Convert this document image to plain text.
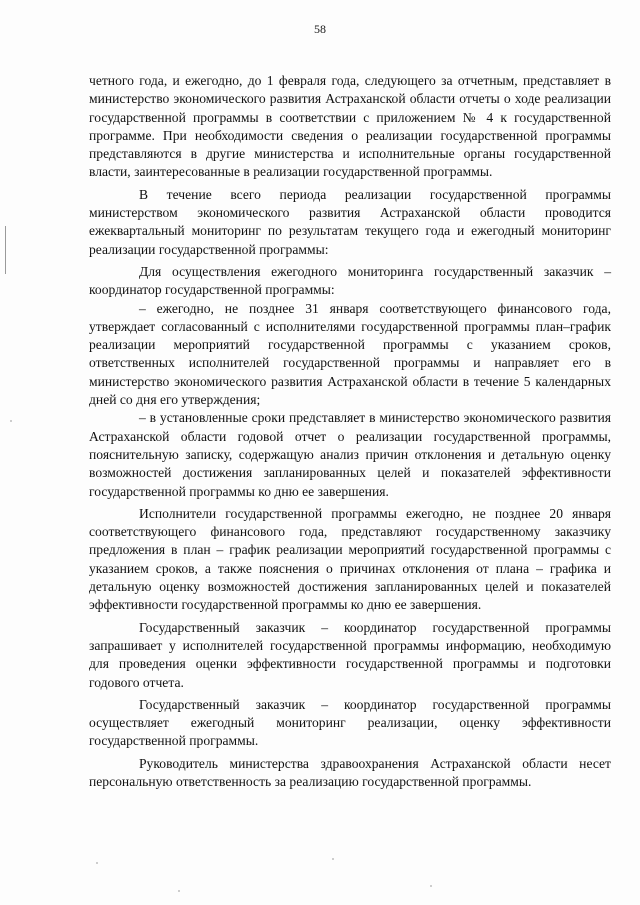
58

четного года, и ежегодно, до 1 февраля года, следующего за отчетным, представляет в министерство экономического развития Астраханской области отчеты о ходе реализации государственной программы в соответствии с приложением № 4 к государственной программе. При необходимости сведения о реализации государственной программы представляются в другие министерства и исполнительные органы государственной власти, заинтересованные в реализации государственной программы.

В течение всего периода реализации государственной программы министерством экономического развития Астраханской области проводится ежеквартальный мониторинг по результатам текущего года и ежегодный мониторинг реализации государственной программы:

Для осуществления ежегодного мониторинга государственный заказчик – координатор государственной программы:

– ежегодно, не позднее 31 января соответствующего финансового года, утверждает согласованный с исполнителями государственной программы план–график реализации мероприятий государственной программы с указанием сроков, ответственных исполнителей государственной программы и направляет его в министерство экономического развития Астраханской области в течение 5 календарных дней со дня его утверждения;

– в установленные сроки представляет в министерство экономического развития Астраханской области годовой отчет о реализации государственной программы, пояснительную записку, содержащую анализ причин отклонения и детальную оценку возможностей достижения запланированных целей и показателей эффективности государственной программы ко дню ее завершения.

Исполнители государственной программы ежегодно, не позднее 20 января соответствующего финансового года, представляют государственному заказчику предложения в план – график реализации мероприятий государственной программы с указанием сроков, а также пояснения о причинах отклонения от плана – графика и детальную оценку возможностей достижения запланированных целей и показателей эффективности государственной программы ко дню ее завершения.

Государственный заказчик – координатор государственной программы запрашивает у исполнителей государственной программы информацию, необходимую для проведения оценки эффективности государственной программы и подготовки годового отчета.

Государственный заказчик – координатор государственной программы осуществляет ежегодный мониторинг реализации, оценку эффективности государственной программы.

Руководитель министерства здравоохранения Астраханской области несет персональную ответственность за реализацию государственной программы.
